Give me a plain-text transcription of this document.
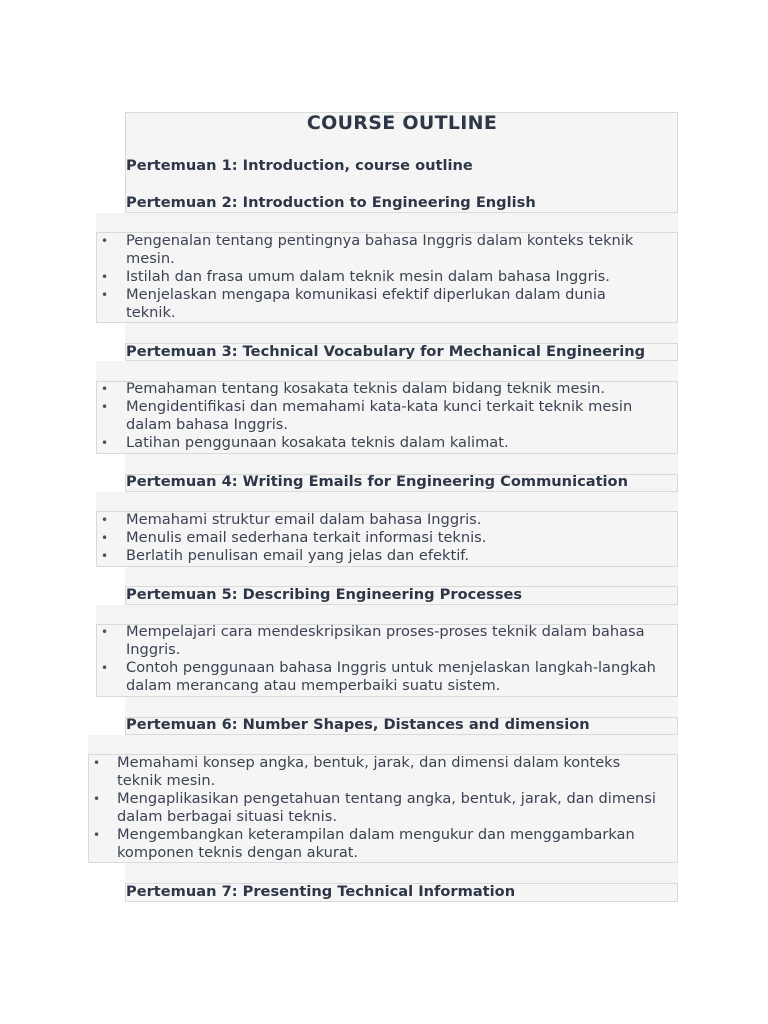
COURSE OUTLINE
Pertemuan 1: Introduction, course outline
Pertemuan 2: Introduction to Engineering English
Pertemuan 3: Technical Vocabulary for Mechanical Engineering
Pertemuan 4: Writing Emails for Engineering Communication
Pertemuan 5: Describing Engineering Processes
Pertemuan 6: Number Shapes, Distances and dimension
Pertemuan 7: Presenting Technical Information
• Pengenalan tentang pentingnya bahasa Inggris dalam konteks teknik
mesin.
• Istilah dan frasa umum dalam teknik mesin dalam bahasa Inggris.
• Menjelaskan mengapa komunikasi efektif diperlukan dalam dunia
teknik.
• Pemahaman tentang kosakata teknis dalam bidang teknik mesin.
• Mengidentifikasi dan memahami kata-kata kunci terkait teknik mesin
dalam bahasa Inggris.
• Latihan penggunaan kosakata teknis dalam kalimat.
• Memahami struktur email dalam bahasa Inggris.
• Menulis email sederhana terkait informasi teknis.
• Berlatih penulisan email yang jelas dan efektif.
• Mempelajari cara mendeskripsikan proses-proses teknik dalam bahasa
Inggris.
• Contoh penggunaan bahasa Inggris untuk menjelaskan langkah-langkah
dalam merancang atau memperbaiki suatu sistem.
• Memahami konsep angka, bentuk, jarak, dan dimensi dalam konteks
teknik mesin.
• Mengaplikasikan pengetahuan tentang angka, bentuk, jarak, dan dimensi
dalam berbagai situasi teknis.
• Mengembangkan keterampilan dalam mengukur dan menggambarkan
komponen teknis dengan akurat.
